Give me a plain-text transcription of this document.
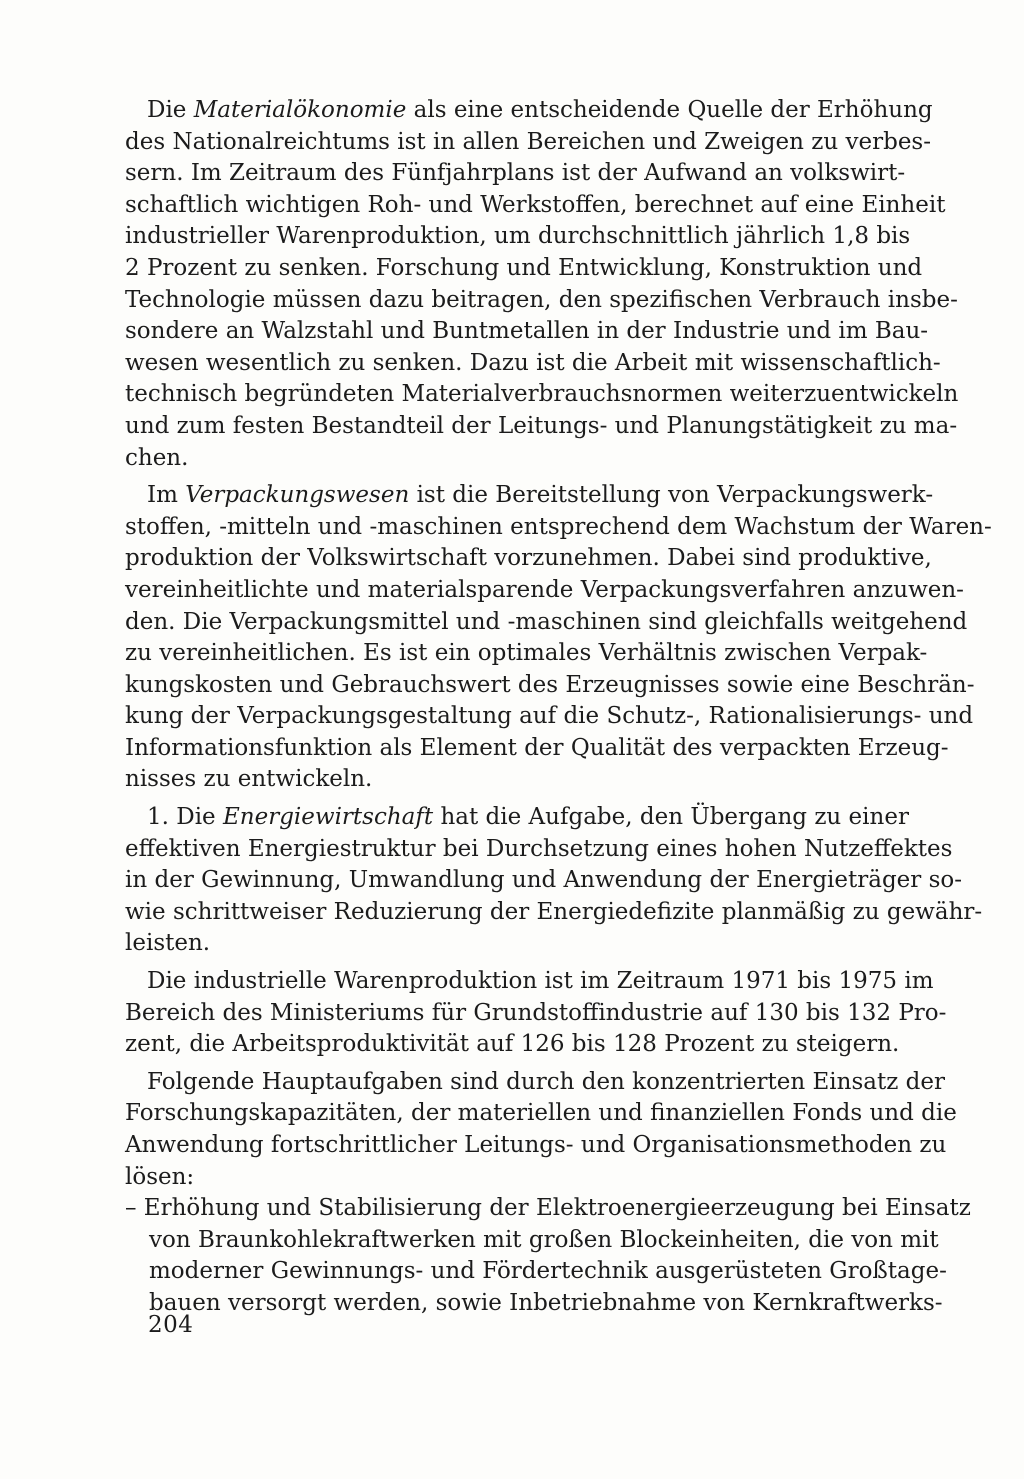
Die Materialökonomie als eine entscheidende Quelle der Erhöhung
des Nationalreichtums ist in allen Bereichen und Zweigen zu verbes-
sern. Im Zeitraum des Fünfjahrplans ist der Aufwand an volkswirt-
schaftlich wichtigen Roh- und Werkstoffen, berechnet auf eine Einheit
industrieller Warenproduktion, um durchschnittlich jährlich 1,8 bis
2 Prozent zu senken. Forschung und Entwicklung, Konstruktion und
Technologie müssen dazu beitragen, den spezifischen Verbrauch insbe-
sondere an Walzstahl und Buntmetallen in der Industrie und im Bau-
wesen wesentlich zu senken. Dazu ist die Arbeit mit wissenschaftlich-
technisch begründeten Materialverbrauchsnormen weiterzuentwickeln
und zum festen Bestandteil der Leitungs- und Planungstätigkeit zu ma-
chen.
Im Verpackungswesen ist die Bereitstellung von Verpackungswerk-
stoffen, -mitteln und -maschinen entsprechend dem Wachstum der Waren-
produktion der Volkswirtschaft vorzunehmen. Dabei sind produktive,
vereinheitlichte und materialsparende Verpackungsverfahren anzuwen-
den. Die Verpackungsmittel und -maschinen sind gleichfalls weitgehend
zu vereinheitlichen. Es ist ein optimales Verhältnis zwischen Verpak-
kungskosten und Gebrauchswert des Erzeugnisses sowie eine Beschrän-
kung der Verpackungsgestaltung auf die Schutz-, Rationalisierungs- und
Informationsfunktion als Element der Qualität des verpackten Erzeug-
nisses zu entwickeln.
1. Die Energiewirtschaft hat die Aufgabe, den Übergang zu einer
effektiven Energiestruktur bei Durchsetzung eines hohen Nutzeffektes
in der Gewinnung, Umwandlung und Anwendung der Energieträger so-
wie schrittweiser Reduzierung der Energiedefizite planmäßig zu gewähr-
leisten.
Die industrielle Warenproduktion ist im Zeitraum 1971 bis 1975 im
Bereich des Ministeriums für Grundstoffindustrie auf 130 bis 132 Pro-
zent, die Arbeitsproduktivität auf 126 bis 128 Prozent zu steigern.
Folgende Hauptaufgaben sind durch den konzentrierten Einsatz der
Forschungskapazitäten, der materiellen und finanziellen Fonds und die
Anwendung fortschrittlicher Leitungs- und Organisationsmethoden zu
lösen:
– Erhöhung und Stabilisierung der Elektroenergieerzeugung bei Einsatz
von Braunkohlekraftwerken mit großen Blockeinheiten, die von mit
moderner Gewinnungs- und Fördertechnik ausgerüsteten Großtage-
bauen versorgt werden, sowie Inbetriebnahme von Kernkraftwerks-
204
